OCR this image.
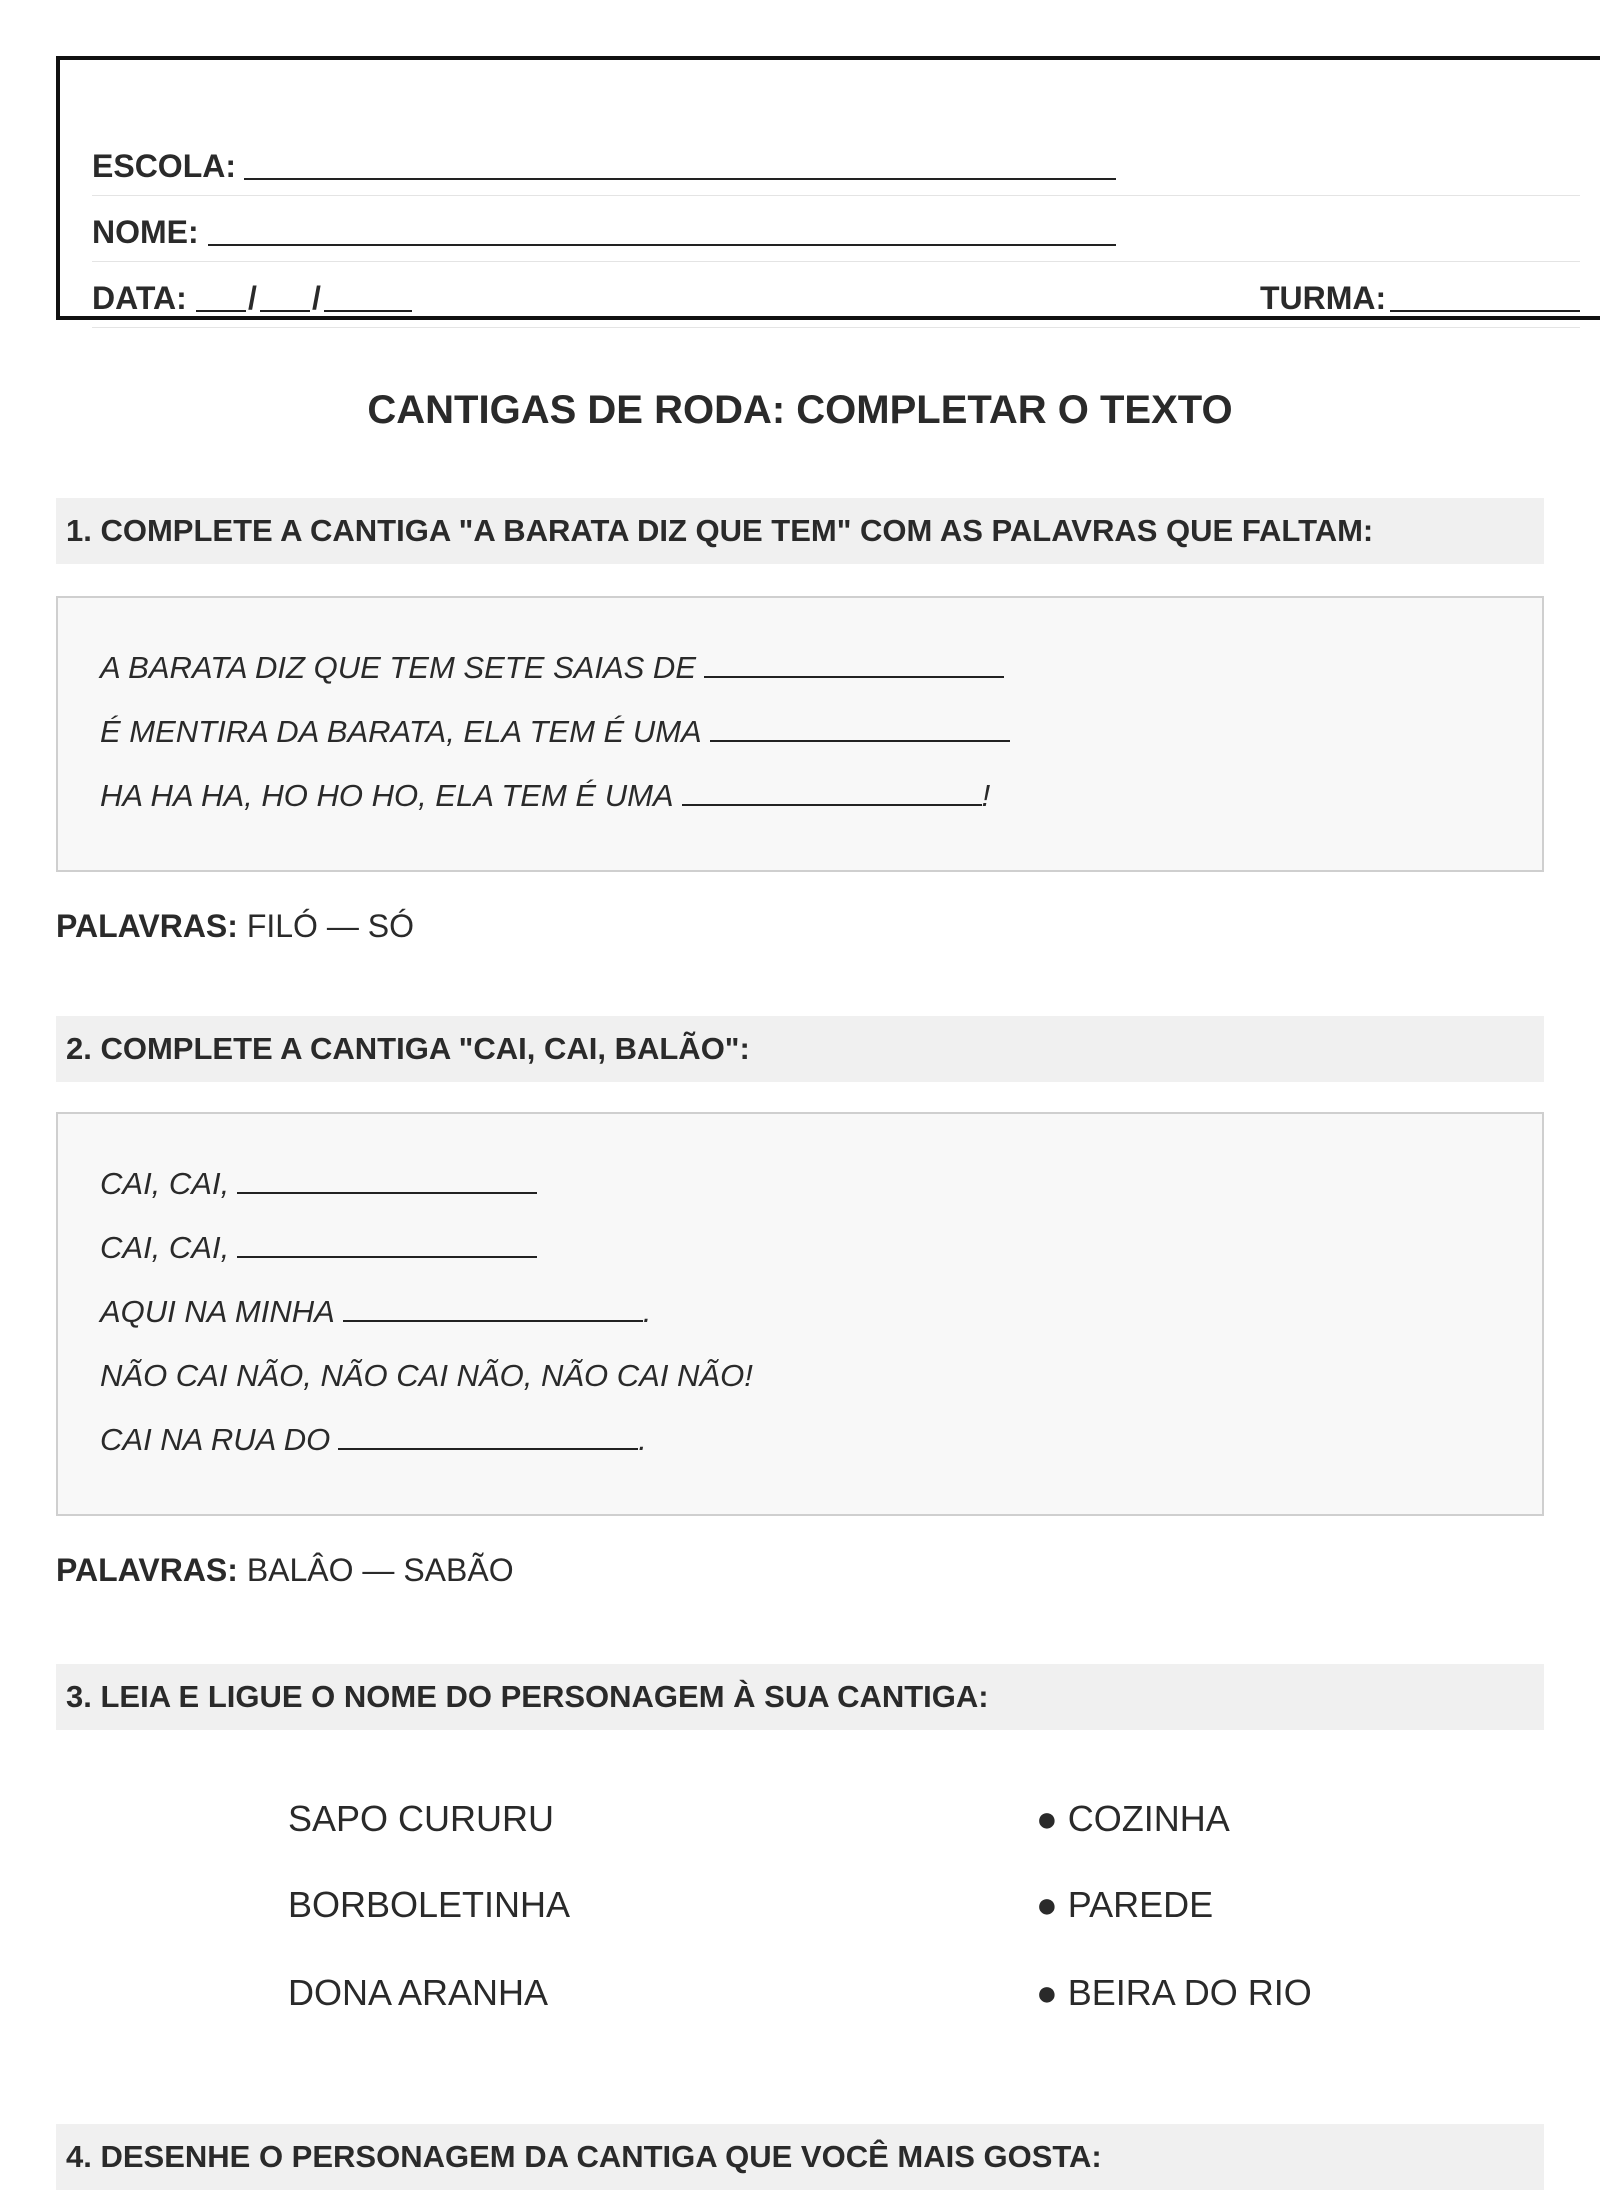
ESCOLA:
NOME:
DATA: / /	TURMA:
CANTIGAS DE RODA: COMPLETAR O TEXTO
1. COMPLETE A CANTIGA "A BARATA DIZ QUE TEM" COM AS PALAVRAS QUE FALTAM:
A BARATA DIZ QUE TEM SETE SAIAS DE
É MENTIRA DA BARATA, ELA TEM É UMA
HA HA HA, HO HO HO, ELA TEM É UMA	!
PALAVRAS: FILÓ — SÓ
2. COMPLETE A CANTIGA "CAI, CAI, BALÃO":
CAI, CAI,
CAI, CAI,
AQUI NA MINHA	.
NÃO CAI NÃO, NÃO CAI NÃO, NÃO CAI NÃO!
CAI NA RUA DO	.
PALAVRAS: BALÂO — SABÃO
3. LEIA E LIGUE O NOME DO PERSONAGEM À SUA CANTIGA:
SAPO CURURU
BORBOLETINHA
DONA ARANHA
● COZINHA
● PAREDE
● BEIRA DO RIO
4. DESENHE O PERSONAGEM DA CANTIGA QUE VOCÊ MAIS GOSTA:
